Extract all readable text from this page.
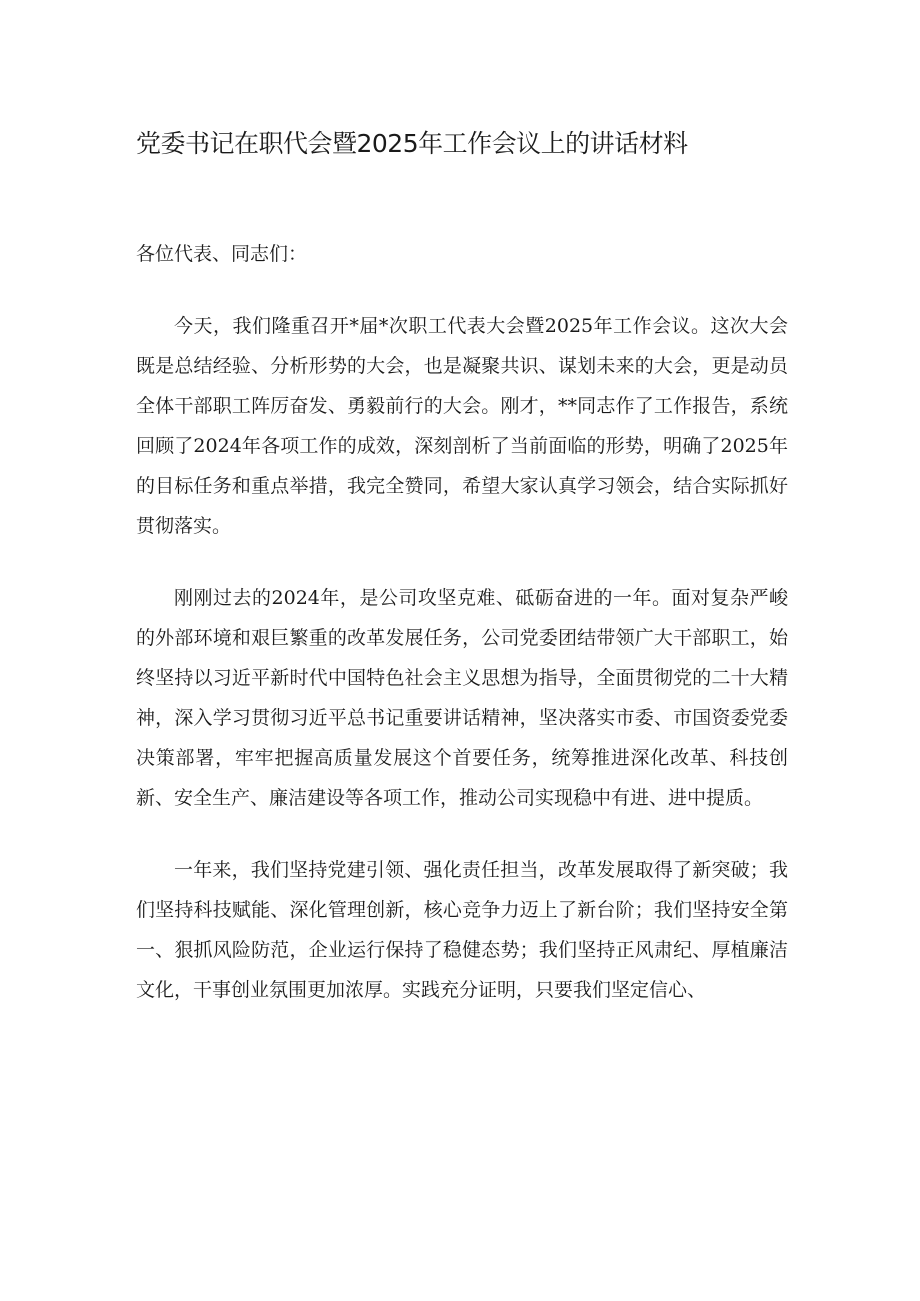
党委书记在职代会暨2025年工作会议上的讲话材料

各位代表、同志们：

今天，我们隆重召开*届*次职工代表大会暨2025年工作会议。这次大会既是总结经验、分析形势的大会，也是凝聚共识、谋划未来的大会，更是动员全体干部职工阵厉奋发、勇毅前行的大会。刚才，**同志作了工作报告，系统回顾了2024年各项工作的成效，深刻剖析了当前面临的形势，明确了2025年的目标任务和重点举措，我完全赞同，希望大家认真学习领会，结合实际抓好贯彻落实。

刚刚过去的2024年，是公司攻坚克难、砥砺奋进的一年。面对复杂严峻的外部环境和艰巨繁重的改革发展任务，公司党委团结带领广大干部职工，始终坚持以习近平新时代中国特色社会主义思想为指导，全面贯彻党的二十大精神，深入学习贯彻习近平总书记重要讲话精神，坚决落实市委、市国资委党委决策部署，牢牢把握高质量发展这个首要任务，统筹推进深化改革、科技创新、安全生产、廉洁建设等各项工作，推动公司实现稳中有进、进中提质。

一年来，我们坚持党建引领、强化责任担当，改革发展取得了新突破；我们坚持科技赋能、深化管理创新，核心竞争力迈上了新台阶；我们坚持安全第一、狠抓风险防范，企业运行保持了稳健态势；我们坚持正风肃纪、厚植廉洁文化，干事创业氛围更加浓厚。实践充分证明，只要我们坚定信心、
